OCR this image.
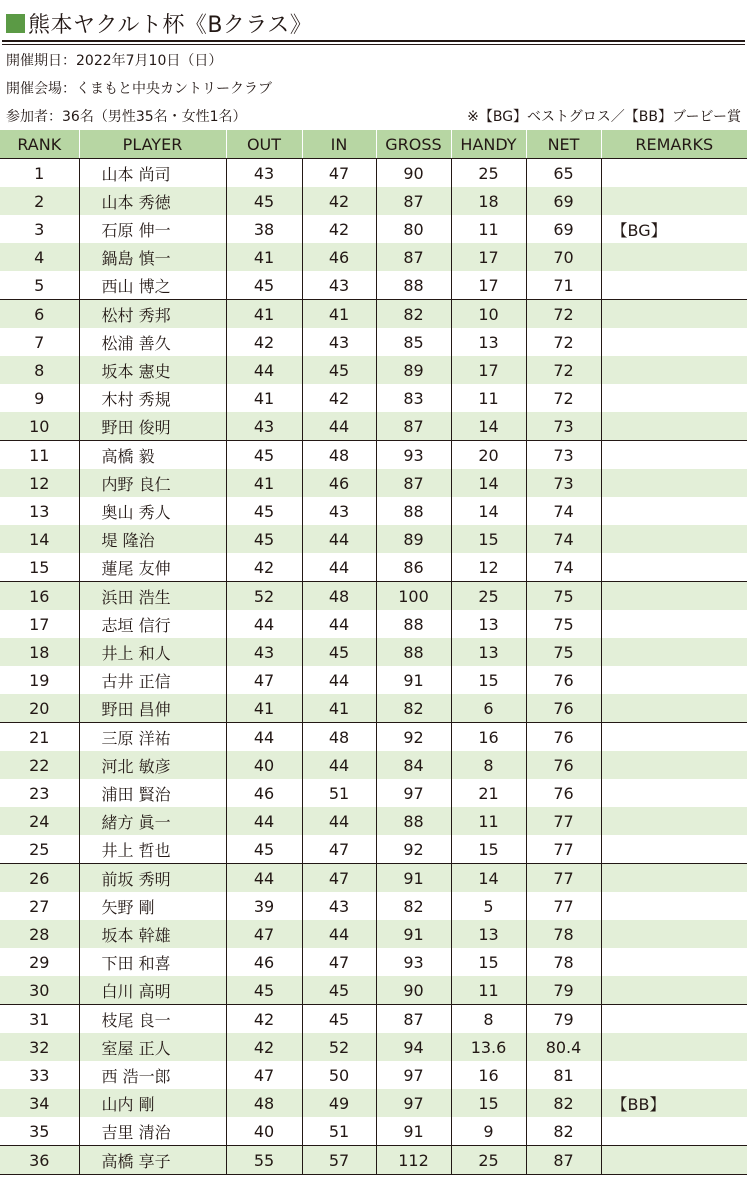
熊本ヤクルト杯《Bクラス》
開催期日：2022年7月10日（日）
開催会場：くまもと中央カントリークラブ
参加者：36名（男性35名・女性1名）	※【BG】ベストグロス／【BB】ブービー賞
RANK	PLAYER	OUT	IN	GROSS	HANDY	NET	REMARKS
1	山本 尚司	43	47	90	25	65	
2	山本 秀徳	45	42	87	18	69	
3	石原 伸一	38	42	80	11	69	【BG】
4	鍋島 慎一	41	46	87	17	70	
5	西山 博之	45	43	88	17	71	
6	松村 秀邦	41	41	82	10	72	
7	松浦 善久	42	43	85	13	72	
8	坂本 憲史	44	45	89	17	72	
9	木村 秀規	41	42	83	11	72	
10	野田 俊明	43	44	87	14	73	
11	高橋 毅	45	48	93	20	73	
12	内野 良仁	41	46	87	14	73	
13	奥山 秀人	45	43	88	14	74	
14	堤 隆治	45	44	89	15	74	
15	蓮尾 友伸	42	44	86	12	74	
16	浜田 浩生	52	48	100	25	75	
17	志垣 信行	44	44	88	13	75	
18	井上 和人	43	45	88	13	75	
19	古井 正信	47	44	91	15	76	
20	野田 昌伸	41	41	82	6	76	
21	三原 洋祐	44	48	92	16	76	
22	河北 敏彦	40	44	84	8	76	
23	浦田 賢治	46	51	97	21	76	
24	緒方 眞一	44	44	88	11	77	
25	井上 哲也	45	47	92	15	77	
26	前坂 秀明	44	47	91	14	77	
27	矢野 剛	39	43	82	5	77	
28	坂本 幹雄	47	44	91	13	78	
29	下田 和喜	46	47	93	15	78	
30	白川 高明	45	45	90	11	79	
31	枝尾 良一	42	45	87	8	79	
32	室屋 正人	42	52	94	13.6	80.4	
33	西 浩一郎	47	50	97	16	81	
34	山内 剛	48	49	97	15	82	【BB】
35	吉里 清治	40	51	91	9	82	
36	高橋 享子	55	57	112	25	87	
